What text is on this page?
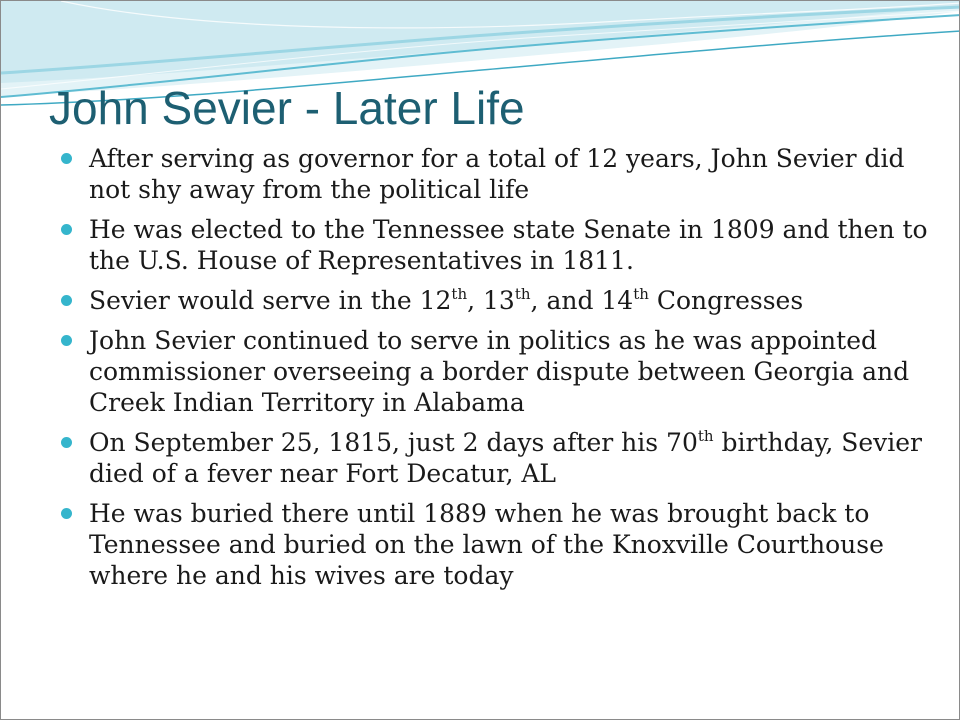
John Sevier - Later Life
After serving as governor for a total of 12 years, John Sevier did not shy away from the political life
He was elected to the Tennessee state Senate in 1809 and then to the U.S. House of Representatives in 1811.
Sevier would serve in the 12th, 13th, and 14th Congresses
John Sevier continued to serve in politics as he was appointed commissioner overseeing a border dispute between Georgia and Creek Indian Territory in Alabama
On September 25, 1815, just 2 days after his 70th birthday, Sevier died of a fever near Fort Decatur, AL
He was buried there until 1889 when he was brought back to Tennessee and buried on the lawn of the Knoxville Courthouse where he and his wives are today
